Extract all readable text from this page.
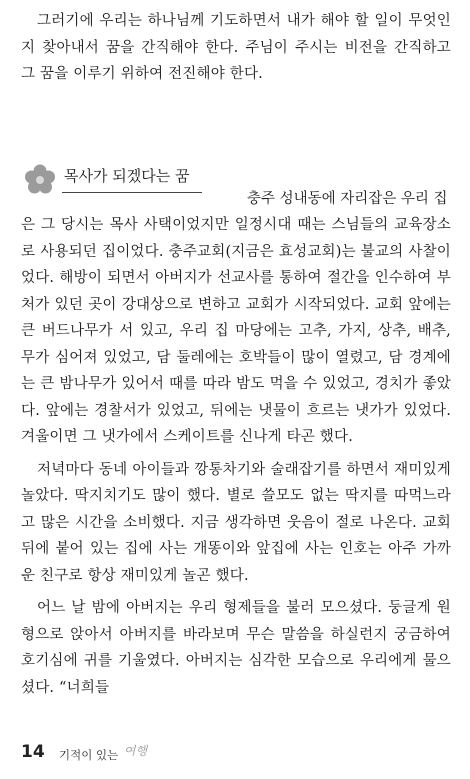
그러기에 우리는 하나님께 기도하면서 내가 해야 할 일이 무엇인지 찾아내서 꿈을 간직해야 한다. 주님이 주시는 비전을 간직하고 그 꿈을 이루기 위하여 전진해야 한다.

목사가 되겠다는 꿈
충주 성내동에 자리잡은 우리 집

은 그 당시는 목사 사택이었지만 일정시대 때는 스님들의 교육장소로 사용되던 집이었다. 충주교회(지금은 효성교회)는 불교의 사찰이었다. 해방이 되면서 아버지가 선교사를 통하여 절간을 인수하여 부처가 있던 곳이 강대상으로 변하고 교회가 시작되었다. 교회 앞에는 큰 버드나무가 서 있고, 우리 집 마당에는 고추, 가지, 상추, 배추, 무가 심어져 있었고, 담 둘레에는 호박들이 많이 열렸고, 담 경계에는 큰 밤나무가 있어서 때를 따라 밤도 먹을 수 있었고, 경치가 좋았다. 앞에는 경찰서가 있었고, 뒤에는 냇물이 흐르는 냇가가 있었다. 겨울이면 그 냇가에서 스케이트를 신나게 타곤 했다.

저녁마다 동네 아이들과 깡통차기와 술래잡기를 하면서 재미있게 놀았다. 딱지치기도 많이 했다. 별로 쓸모도 없는 딱지를 따먹느라고 많은 시간을 소비했다. 지금 생각하면 웃음이 절로 나온다. 교회 뒤에 붙어 있는 집에 사는 개똥이와 앞집에 사는 인호는 아주 가까운 친구로 항상 재미있게 놀곤 했다.

어느 날 밤에 아버지는 우리 형제들을 불러 모으셨다. 둥글게 원형으로 앉아서 아버지를 바라보며 무슨 말씀을 하실런지 궁금하여 호기심에 귀를 기울였다. 아버지는 심각한 모습으로 우리에게 물으셨다. “너희들

14 기적이 있는 여행
